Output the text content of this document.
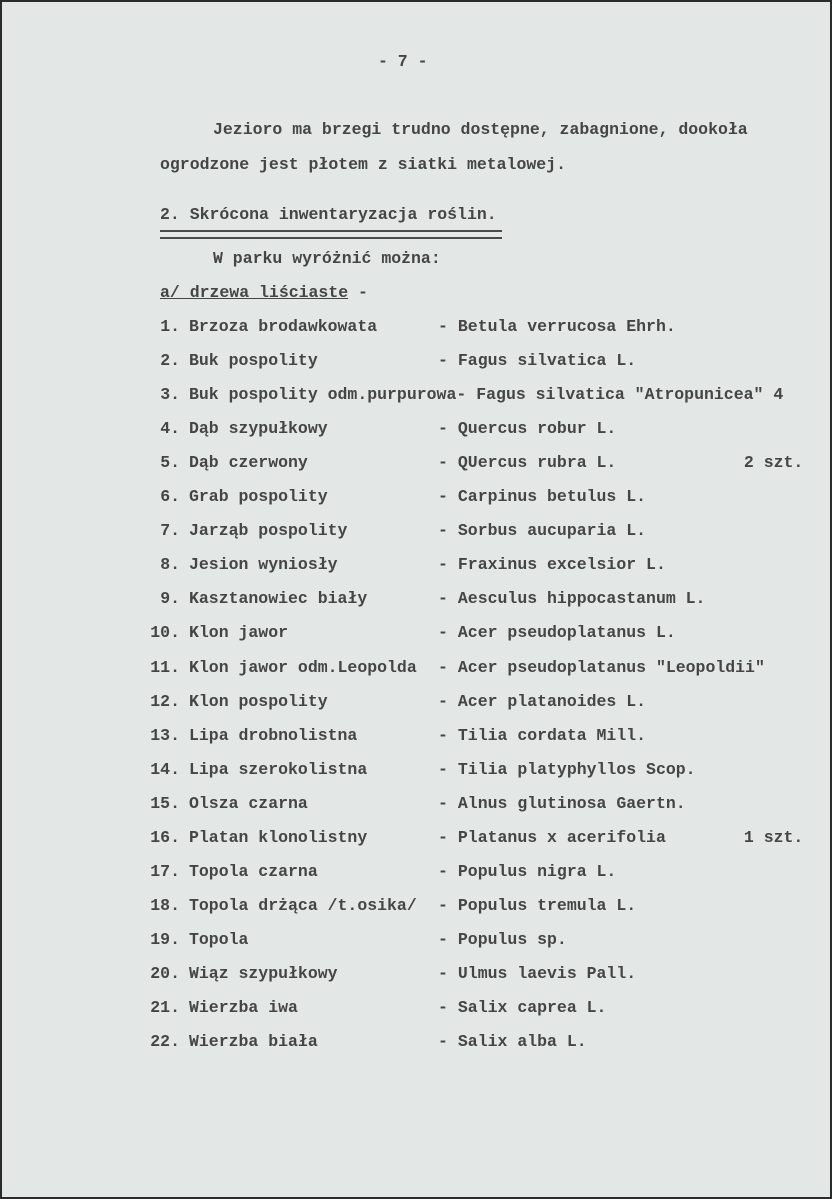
- 7 -
Jezioro ma brzegi trudno dostępne, zabagnione, dookoła
ogrodzone jest płotem z siatki metalowej.
2. Skrócona inwentaryzacja roślin.
W parku wyróżnić można:
a/ drzewa liściaste -
1. Brzoza brodawkowata	- Betula verrucosa Ehrh.
2. Buk pospolity	- Fagus silvatica L.
3. Buk pospolity odm.purpurowa - Fagus silvatica "Atropunicea" 4
4. Dąb szypułkowy	- Quercus robur L.
5. Dąb czerwony	- QUercus rubra L.	2 szt.
6. Grab pospolity	- Carpinus betulus L.
7. Jarząb pospolity	- Sorbus aucuparia L.
8. Jesion wyniosły	- Fraxinus excelsior L.
9. Kasztanowiec biały	- Aesculus hippocastanum L.
10. Klon jawor	- Acer pseudoplatanus L.
11. Klon jawor odm.Leopolda	- Acer pseudoplatanus "Leopoldii"
12. Klon pospolity	- Acer platanoides L.
13. Lipa drobnolistna	- Tilia cordata Mill.
14. Lipa szerokolistna	- Tilia platyphyllos Scop.
15. Olsza czarna	- Alnus glutinosa Gaertn.
16. Platan klonolistny	- Platanus x acerifolia	1 szt.
17. Topola czarna	- Populus nigra L.
18. Topola drżąca /t.osika/	- Populus tremula L.
19. Topola	- Populus sp.
20. Wiąz szypułkowy	- Ulmus laevis Pall.
21. Wierzba iwa	- Salix caprea L.
22. Wierzba biała	- Salix alba L.
